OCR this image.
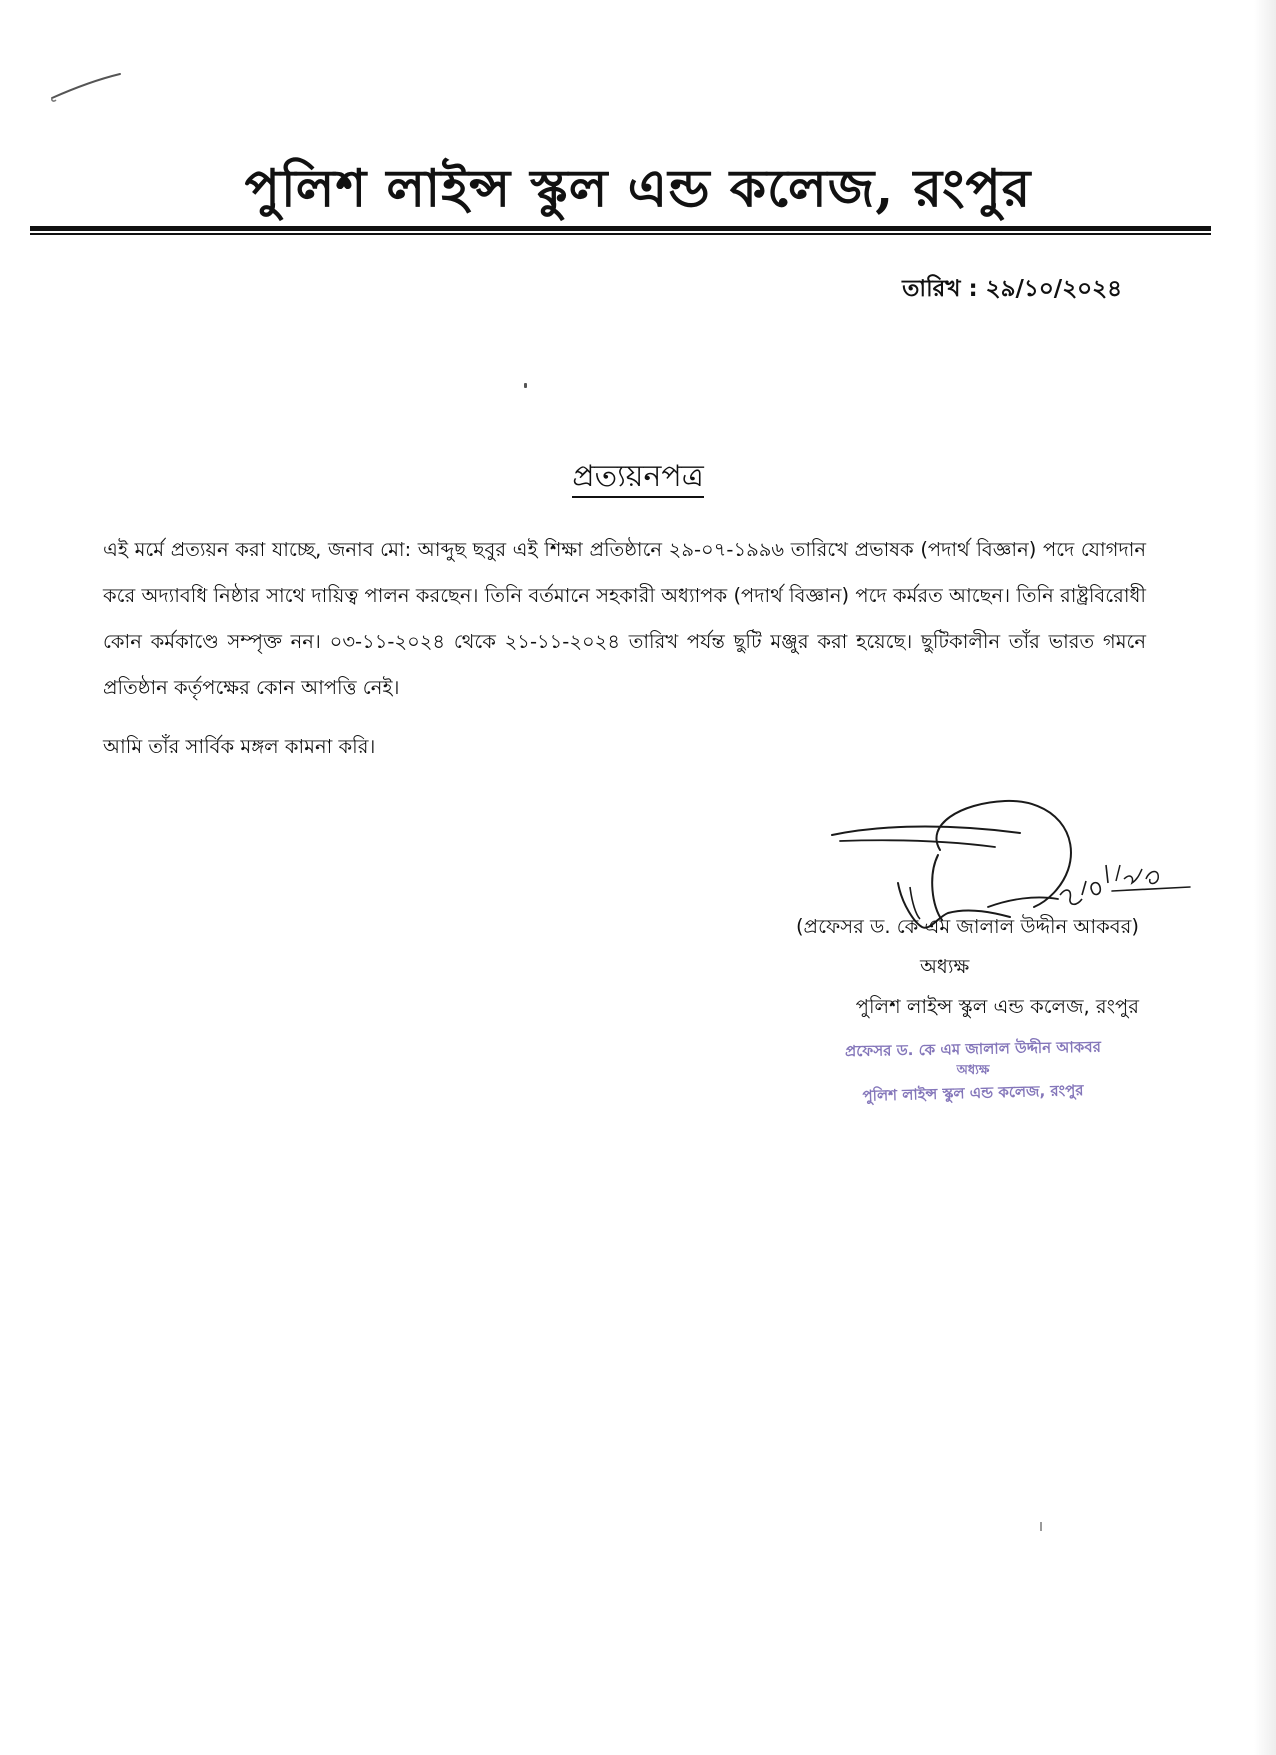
পুলিশ লাইন্স স্কুল এন্ড কলেজ, রংপুর
তারিখ : ২৯/১০/২০২৪
প্রত্যয়নপত্র

এই মর্মে প্রত্যয়ন করা যাচ্ছে, জনাব মো: আব্দুছ ছবুর এই শিক্ষা প্রতিষ্ঠানে ২৯-০৭-১৯৯৬ তারিখে প্রভাষক (পদার্থ বিজ্ঞান) পদে যোগদান করে অদ্যাবধি নিষ্ঠার সাথে দায়িত্ব পালন করছেন। তিনি বর্তমানে সহকারী অধ্যাপক (পদার্থ বিজ্ঞান) পদে কর্মরত আছেন। তিনি রাষ্ট্রবিরোধী কোন কর্মকাণ্ডে সম্পৃক্ত নন। ০৩-১১-২০২৪ থেকে ২১-১১-২০২৪ তারিখ পর্যন্ত ছুটি মঞ্জুর করা হয়েছে। ছুটিকালীন তাঁর ভারত গমনে প্রতিষ্ঠান কর্তৃপক্ষের কোন আপত্তি নেই।

আমি তাঁর সার্বিক মঙ্গল কামনা করি।

(প্রফেসর ড. কে এম জালাল উদ্দীন আকবর)
অধ্যক্ষ
পুলিশ লাইন্স স্কুল এন্ড কলেজ, রংপুর
প্রফেসর ড. কে এম জালাল উদ্দীন আকবর
অধ্যক্ষ
পুলিশ লাইন্স স্কুল এন্ড কলেজ, রংপুর
